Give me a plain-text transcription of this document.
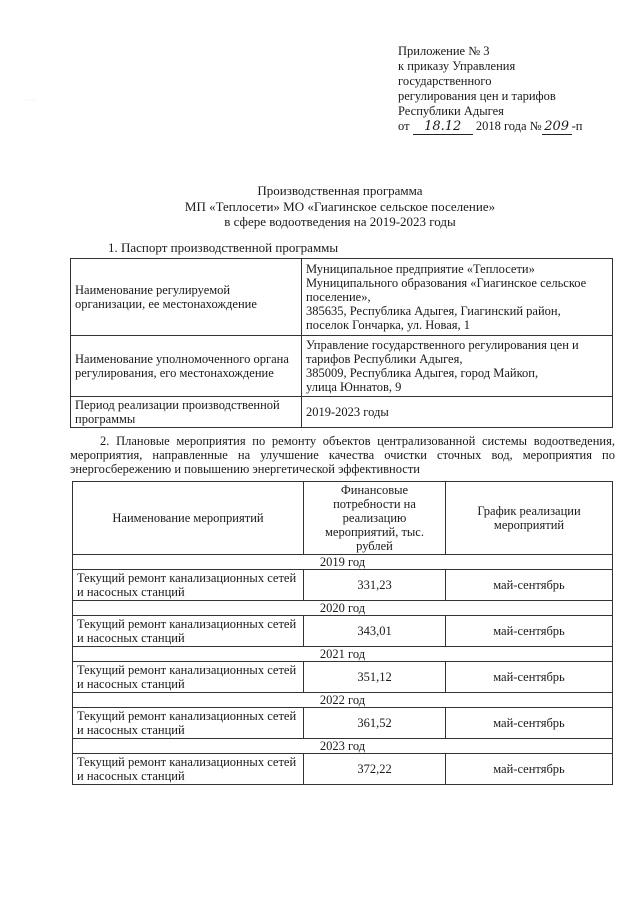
· · ·
Приложение № 3
к приказу Управления
государственного
регулирования цен и тарифов
Республики Адыгея
от 18.12 2018 года № 209 -п
Производственная программа
МП «Теплосети» МО «Гиагинское сельское поселение»
в сфере водоотведения на 2019-2023 годы
1. Паспорт производственной программы
Наименование регулируемой организации, ее местонахождение	Муниципальное предприятие «Теплосети»
Муниципального образования «Гиагинское сельское поселение»,
385635, Республика Адыгея, Гиагинский район,
поселок Гончарка, ул. Новая, 1

Наименование уполномоченного органа регулирования, его местонахождение	Управление государственного регулирования цен и тарифов Республики Адыгея,
385009, Республика Адыгея, город Майкоп,
улица Юннатов, 9

Период реализации производственной программы	2019-2023 годы
2. Плановые мероприятия по ремонту объектов централизованной системы водоотведения, мероприятия, направленные на улучшение качества очистки сточных вод, мероприятия по энергосбережению и повышению энергетической эффективности
Наименование мероприятий	Финансовые потребности на реализацию мероприятий, тыс. рублей	График реализации мероприятий
2019 год		
Текущий ремонт канализационных сетей и насосных станций	331,23	май-сентябрь
2020 год		
Текущий ремонт канализационных сетей и насосных станций	343,01	май-сентябрь
2021 год		
Текущий ремонт канализационных сетей и насосных станций	351,12	май-сентябрь
2022 год		
Текущий ремонт канализационных сетей и насосных станций	361,52	май-сентябрь
2023 год		
Текущий ремонт канализационных сетей и насосных станций	372,22	май-сентябрь
